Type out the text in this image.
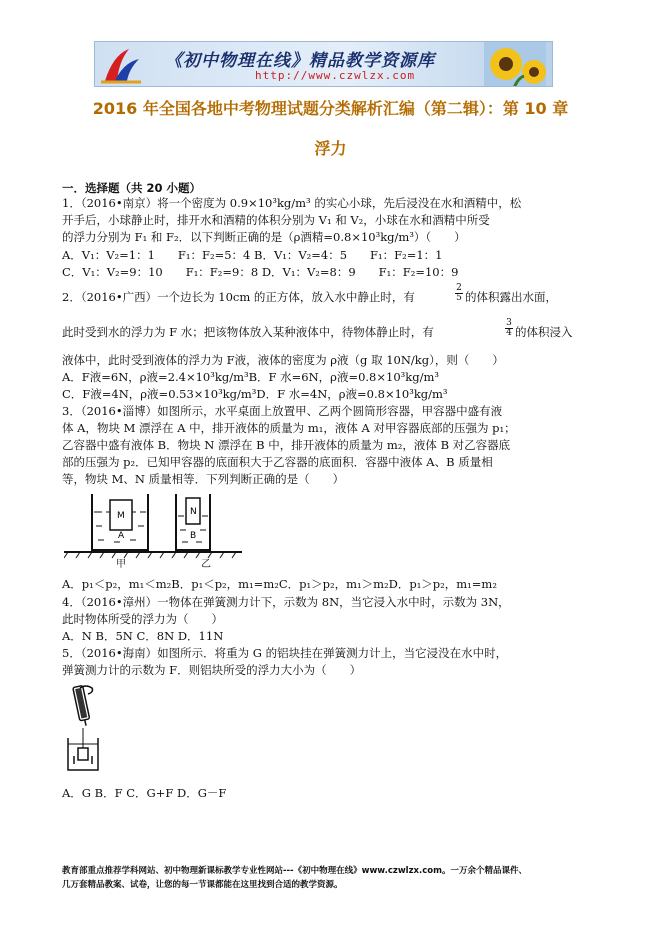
《初中物理在线》精品教学资源库
http://www.czwlzx.com
2016 年全国各地中考物理试题分类解析汇编（第二辑）：第 10 章
浮力
一．选择题（共 20 小题）
1．（2016•南京）将一个密度为 0.9×10³kg/m³ 的实心小球，先后浸没在水和酒精中，松
开手后，小球静止时，排开水和酒精的体积分别为 V₁ 和 V₂，小球在水和酒精中所受
的浮力分别为 F₁ 和 F₂．以下判断正确的是（ρ酒精=0.8×10³kg/m³）（　　）
A．V₁：V₂=1：1　　F₁：F₂=5：4 B．V₁：V₂=4：5　　F₁：F₂=1：1
C．V₁：V₂=9：10　　F₁：F₂=9：8 D．V₁：V₂=8：9　　F₁：F₂=10：9
2．（2016•广西）一个边长为 10cm 的正方体，放入水中静止时，有
2
5 的体积露出水面，
此时受到水的浮力为 F 水；把该物体放入某种液体中，待物体静止时，有
3
4 的体积浸入
液体中，此时受到液体的浮力为 F液，液体的密度为 ρ液（g 取 10N/kg），则（　　）
A．F液=6N，ρ液=2.4×10³kg/m³B．F 水=6N，ρ液=0.8×10³kg/m³
C．F液=4N，ρ液=0.53×10³kg/m³D．F 水=4N，ρ液=0.8×10³kg/m³
3．（2016•淄博）如图所示，水平桌面上放置甲、乙两个圆筒形容器，甲容器中盛有液
体 A，物块 M 漂浮在 A 中，排开液体的质量为 m₁，液体 A 对甲容器底部的压强为 p₁；
乙容器中盛有液体 B．物块 N 漂浮在 B 中，排开液体的质量为 m₂，液体 B 对乙容器底
部的压强为 p₂．已知甲容器的底面积大于乙容器的底面积．容器中液体 A、B 质量相
等，物块 M、N 质量相等．下列判断正确的是（　　）
M
A
N
B
甲	乙
A．p₁＜p₂，m₁＜m₂B．p₁＜p₂，m₁=m₂C．p₁＞p₂，m₁＞m₂D．p₁＞p₂，m₁=m₂
4．（2016•漳州）一物体在弹簧测力计下，示数为 8N，当它浸入水中时，示数为 3N，
此时物体所受的浮力为（　　）
A．N B．5N C．8N D．11N
5．（2016•海南）如图所示．将重为 G 的铝块挂在弹簧测力计上，当它浸没在水中时，
弹簧测力计的示数为 F．则铝块所受的浮力大小为（　　）
A．G B．F C．G+F D．G－F
教育部重点推荐学科网站、初中物理新课标教学专业性网站---《初中物理在线》www.czwlzx.com。一万余个精品课件、
几万套精品教案、试卷，让您的每一节课都能在这里找到合适的教学资源。
